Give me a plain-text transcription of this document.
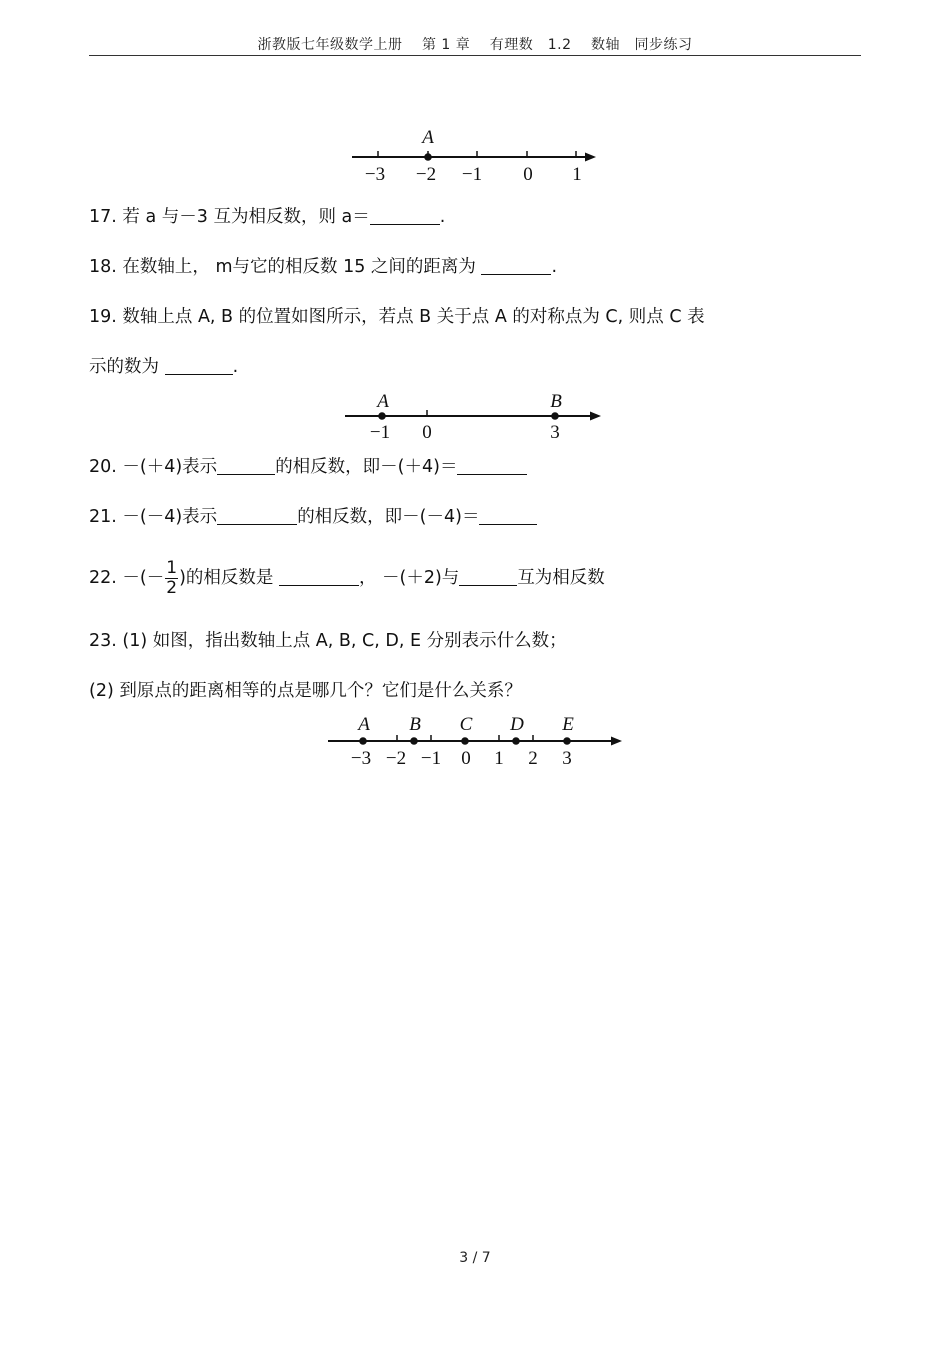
浙教版七年级数学上册　 第 1 章　 有理数　1.2　 数轴　同步练习
A
−3 −2 −1 0 1
17. 若 a 与－3 互为相反数，则 a＝	.
18. 在数轴上， m与它的相反数 15 之间的距离为	.
19. 数轴上点 A, B 的位置如图所示，若点 B 关于点 A 的对称点为 C, 则点 C 表
示的数为	.
A	B
−1 0	3
20. －(＋4)表示	的相反数，即－(＋4)＝
21. －(－4)表示	的相反数，即－(－4)＝
22. －(－ $\frac{1}{2}$ )的相反数是	， －(＋2)与	互为相反数
23. (1) 如图，指出数轴上点 A, B, C, D, E 分别表示什么数；
(2) 到原点的距离相等的点是哪几个？它们是什么关系？
A B C D E
−3 −2 −1 0 1 2 3
3 / 7
